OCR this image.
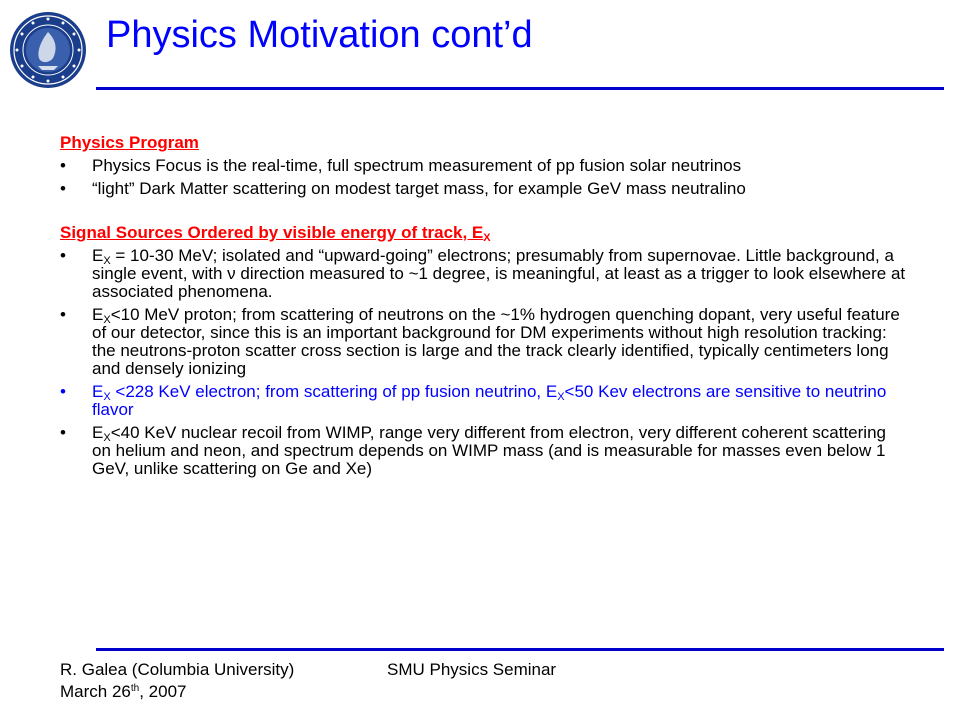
Physics Motivation cont’d

Physics Program

• Physics Focus is the real-time, full spectrum measurement of pp fusion solar neutrinos
• “light” Dark Matter scattering on modest target mass, for example GeV mass neutralino

Signal Sources Ordered by visible energy of track, $E_X$

• $E_X = 10-30$ MeV; isolated and “upward-going” electrons; presumably from supernovae. Little background, a single event, with ν direction measured to ~1 degree, is meaningful, at least as a trigger to look elsewhere at associated phenomena.
• $E_X<10$ MeV proton; from scattering of neutrons on the ~1% hydrogen quenching dopant, very useful feature of our detector, since this is an important background for DM experiments without high resolution tracking: the neutrons-proton scatter cross section is large and the track clearly identified, typically centimeters long and densely ionizing
• $E_X <228$ KeV electron; from scattering of pp fusion neutrino, $E_X<50$ Kev electrons are sensitive to neutrino flavor
• $E_X<40$ KeV nuclear recoil from WIMP, range very different from electron, very different coherent scattering on helium and neon, and spectrum depends on WIMP mass (and is measurable for masses even below 1 GeV, unlike scattering on Ge and Xe)
R. Galea (Columbia University)
March 26th, 2007
SMU Physics Seminar
